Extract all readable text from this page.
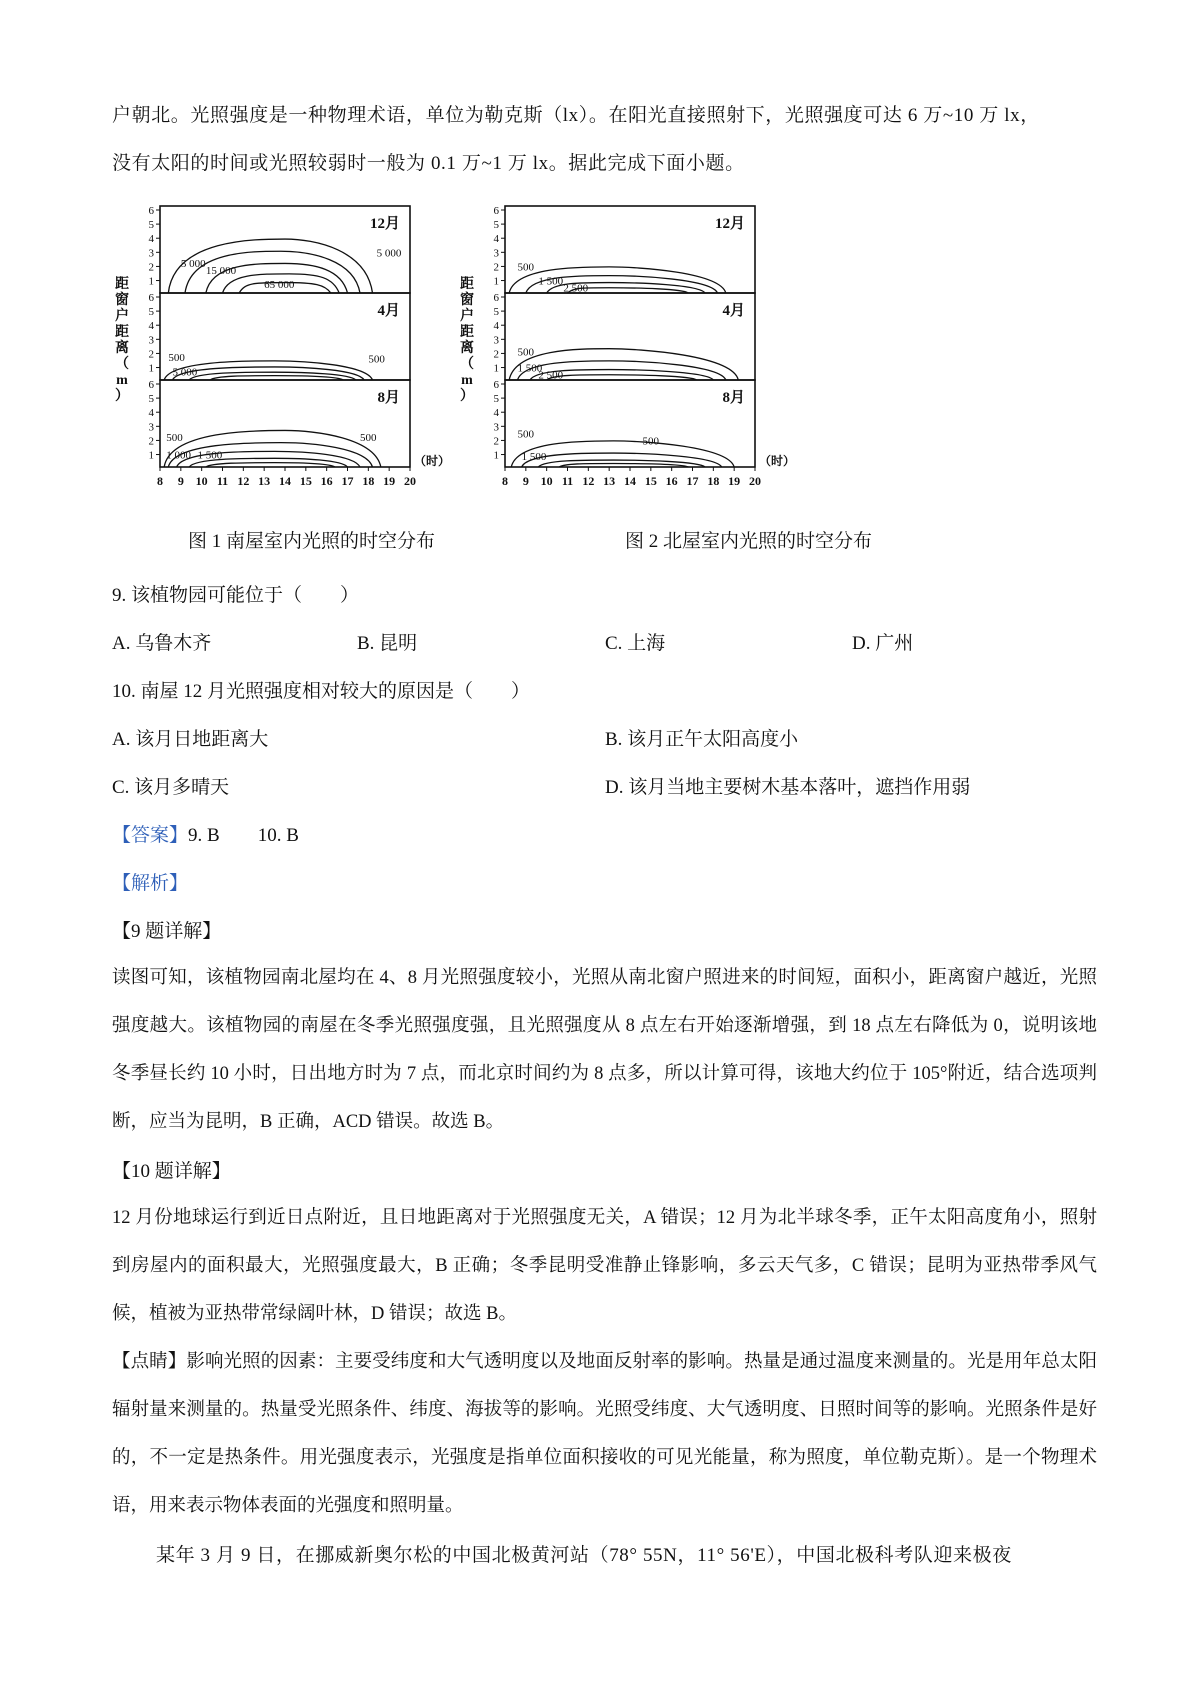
户朝北。光照强度是一种物理术语，单位为勒克斯（lx）。在阳光直接照射下，光照强度可达 6 万~10 万 lx，
没有太阳的时间或光照较弱时一般为 0.1 万~1 万 lx。据此完成下面小题。
6
5
4
3
2
1
12月
5 000
5 000
15 000
65 000
6
5
4
3
2
1
4月
500	500
5 000
6
5
4
3
2
1
8月
500	500
1 000 1 500
距
窗
户
距
离
（
m
）
8 9 10 11 12 13 14 15 16 17 18 19 20
（时）
6
5
4
3
2
1
12月
500
1 500
2 500
6
5
4
3
2
1
4月
500
1 500
2 500
6
5
4
3
2
1
8月
500
500
1 500
距
窗
户
距
离
（
m
）
8 9 10 11 12 13 14 15 16 17 18 19 20
（时）
图 1 南屋室内光照的时空分布	图 2 北屋室内光照的时空分布
9. 该植物园可能位于（　　）
A. 乌鲁木齐	B. 昆明	C. 上海	D. 广州
10. 南屋 12 月光照强度相对较大的原因是（　　）
A. 该月日地距离大	B. 该月正午太阳高度小
C. 该月多晴天	D. 该月当地主要树木基本落叶，遮挡作用弱
【答案】9. B　　10. B
【解析】
【9 题详解】
读图可知，该植物园南北屋均在 4、8 月光照强度较小，光照从南北窗户照进来的时间短，面积小，距离窗户越近，光照强度越大。该植物园的南屋在冬季光照强度强，且光照强度从 8 点左右开始逐渐增强，到 18 点左右降低为 0，说明该地冬季昼长约 10 小时，日出地方时为 7 点，而北京时间约为 8 点多，所以计算可得，该地大约位于 105°附近，结合选项判断，应当为昆明，B 正确，ACD 错误。故选 B。
【10 题详解】
12 月份地球运行到近日点附近，且日地距离对于光照强度无关，A 错误；12 月为北半球冬季，正午太阳高度角小，照射到房屋内的面积最大，光照强度最大，B 正确；冬季昆明受准静止锋影响，多云天气多，C 错误；昆明为亚热带季风气候，植被为亚热带常绿阔叶林，D 错误；故选 B。
【点睛】影响光照的因素：主要受纬度和大气透明度以及地面反射率的影响。热量是通过温度来测量的。光是用年总太阳辐射量来测量的。热量受光照条件、纬度、海拔等的影响。光照受纬度、大气透明度、日照时间等的影响。光照条件是好的，不一定是热条件。用光强度表示，光强度是指单位面积接收的可见光能量，称为照度，单位勒克斯）。是一个物理术语，用来表示物体表面的光强度和照明量。
某年 3 月 9 日，在挪威新奥尔松的中国北极黄河站（78° 55N，11° 56'E），中国北极科考队迎来极夜
